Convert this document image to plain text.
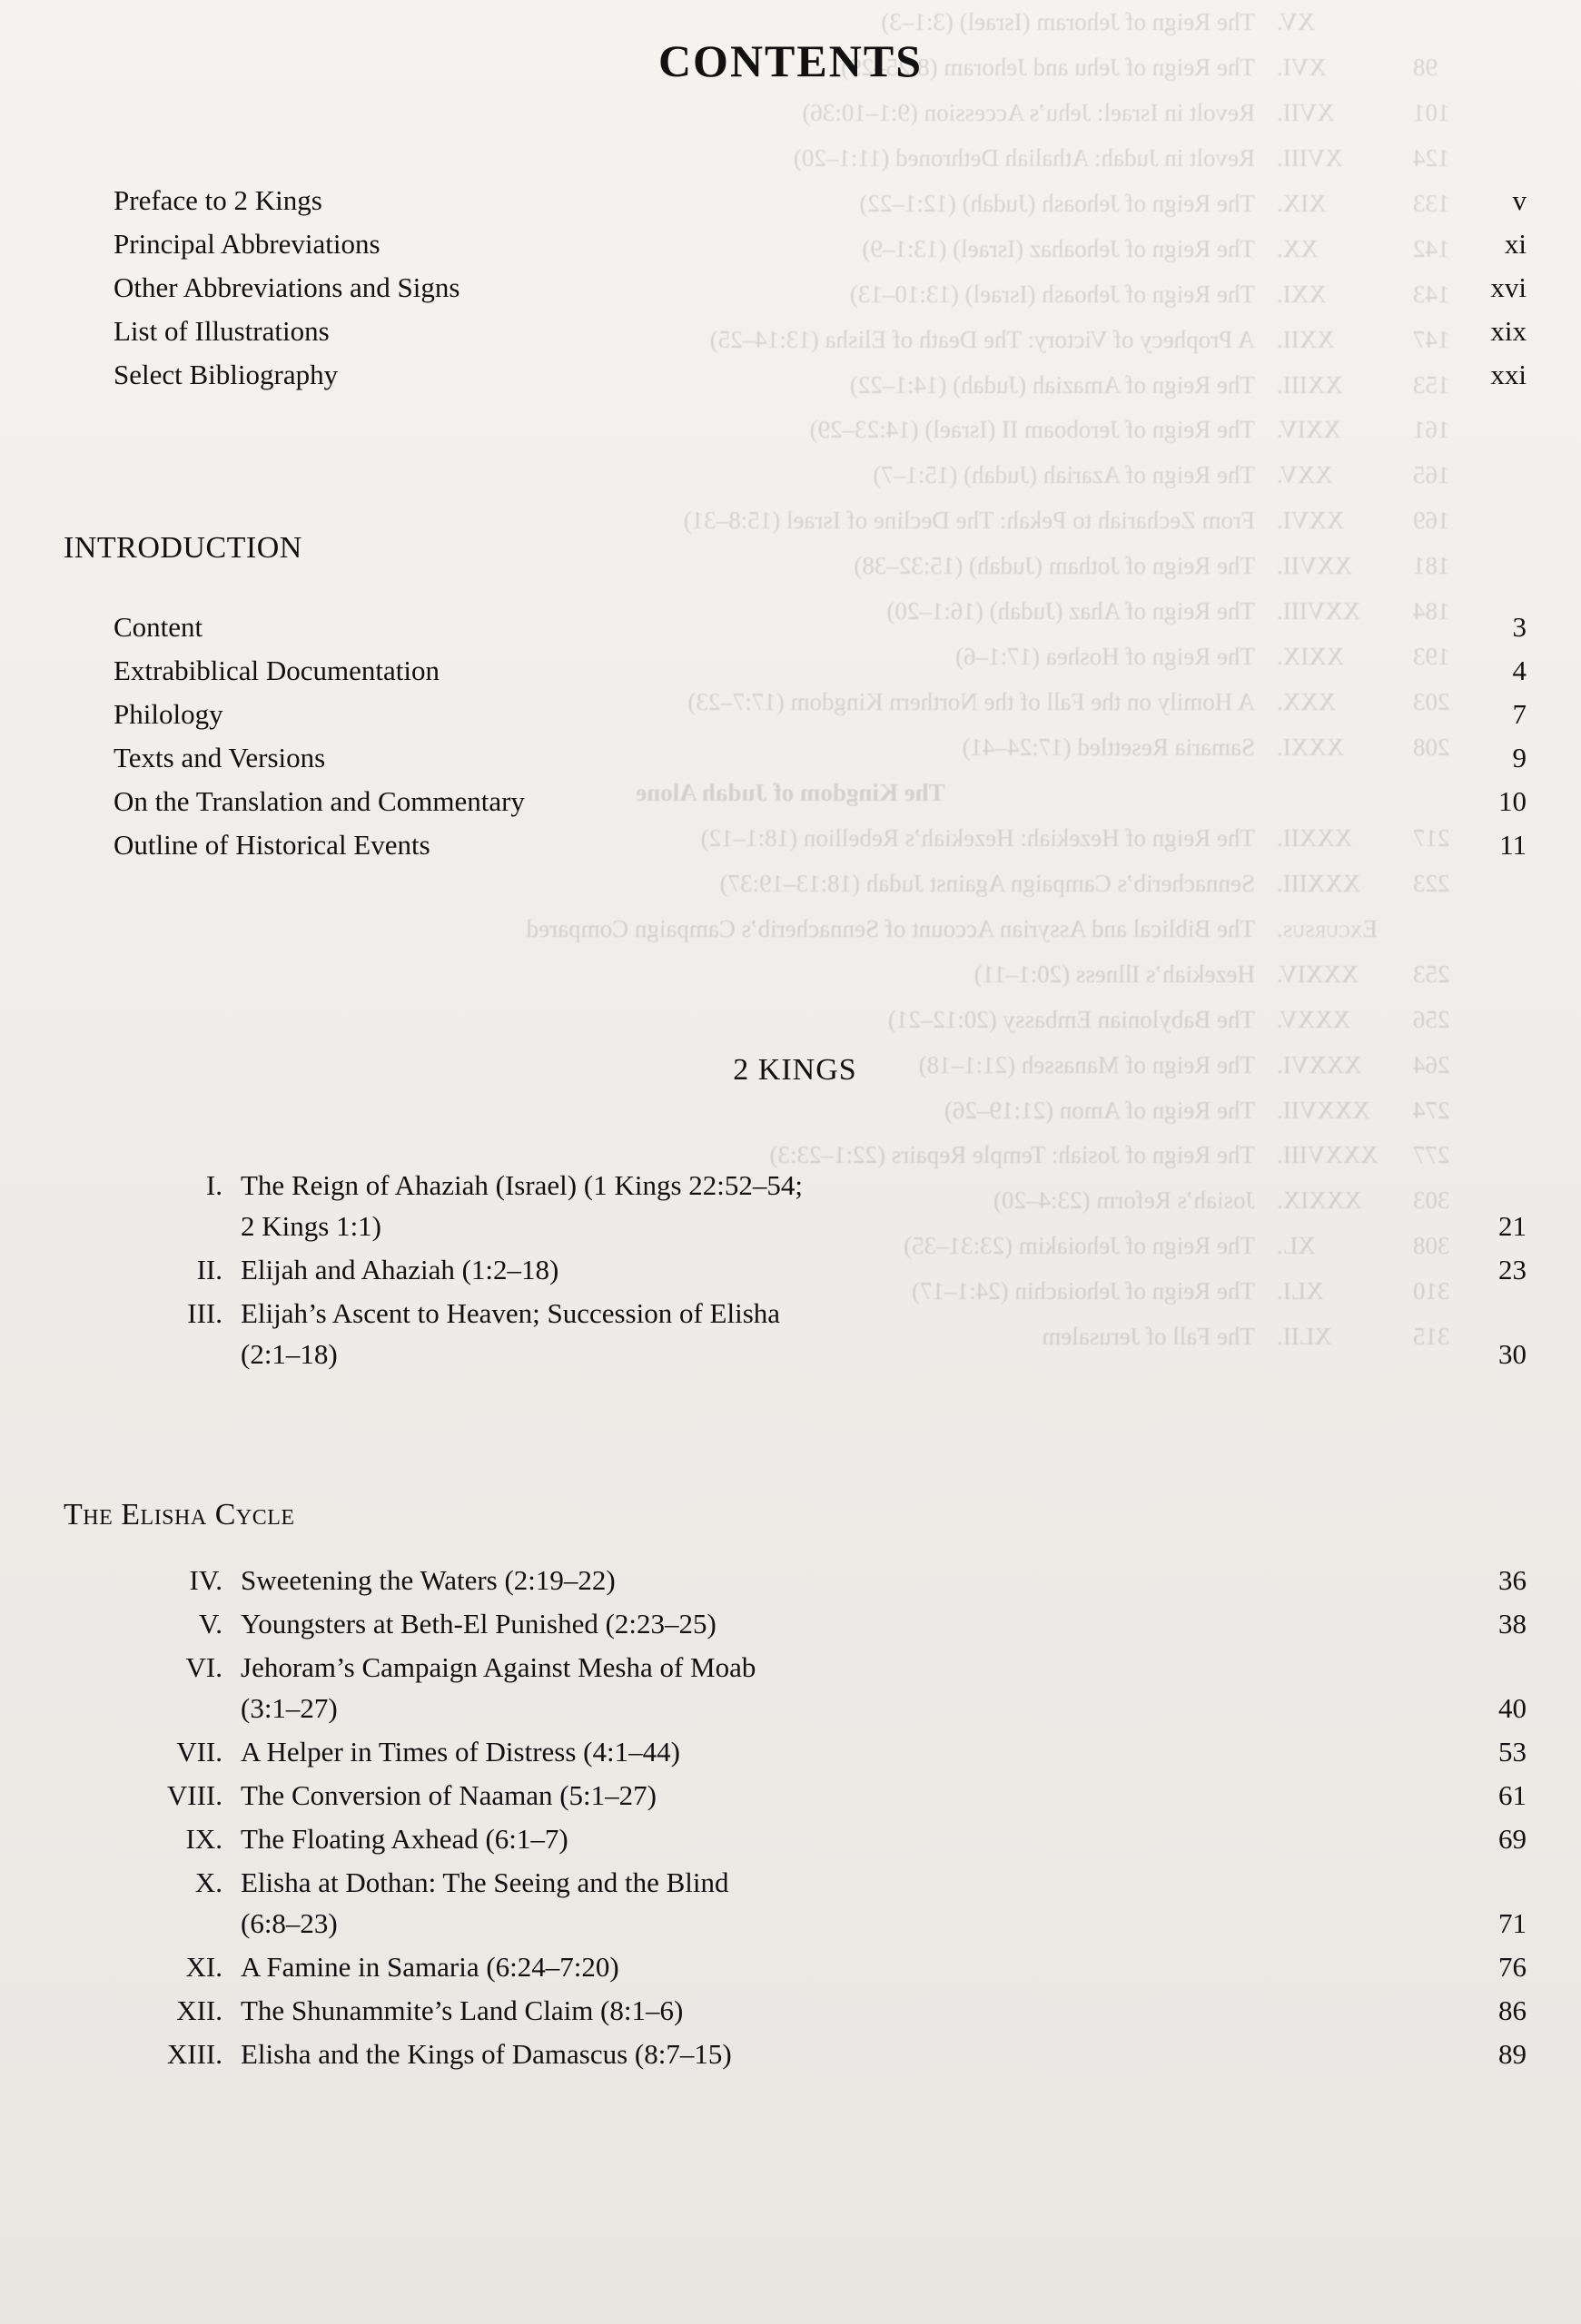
CONTENTS
Preface to 2 Kings	v
Principal Abbreviations	xi
Other Abbreviations and Signs	xvi
List of Illustrations	xix
Select Bibliography	xxi
INTRODUCTION
Content	3
Extrabiblical Documentation	4
Philology	7
Texts and Versions	9
On the Translation and Commentary	10
Outline of Historical Events	11
2 KINGS
I. The Reign of Ahaziah (Israel) (1 Kings 22:52–54;
2 Kings 1:1)	21
II. Elijah and Ahaziah (1:2–18)	23
III. Elijah’s Ascent to Heaven; Succession of Elisha
(2:1–18)	30
The Elisha Cycle
IV. Sweetening the Waters (2:19–22)	36
V. Youngsters at Beth-El Punished (2:23–25)	38
VI. Jehoram’s Campaign Against Mesha of Moab
(3:1–27)	40
VII. A Helper in Times of Distress (4:1–44)	53
VIII. The Conversion of Naaman (5:1–27)	61
IX. The Floating Axhead (6:1–7)	69
X. Elisha at Dothan: The Seeing and the Blind
(6:8–23)	71
XI. A Famine in Samaria (6:24–7:20)	76
XII. The Shunammite’s Land Claim (8:1–6)	86
XIII. Elisha and the Kings of Damascus (8:7–15)	89
